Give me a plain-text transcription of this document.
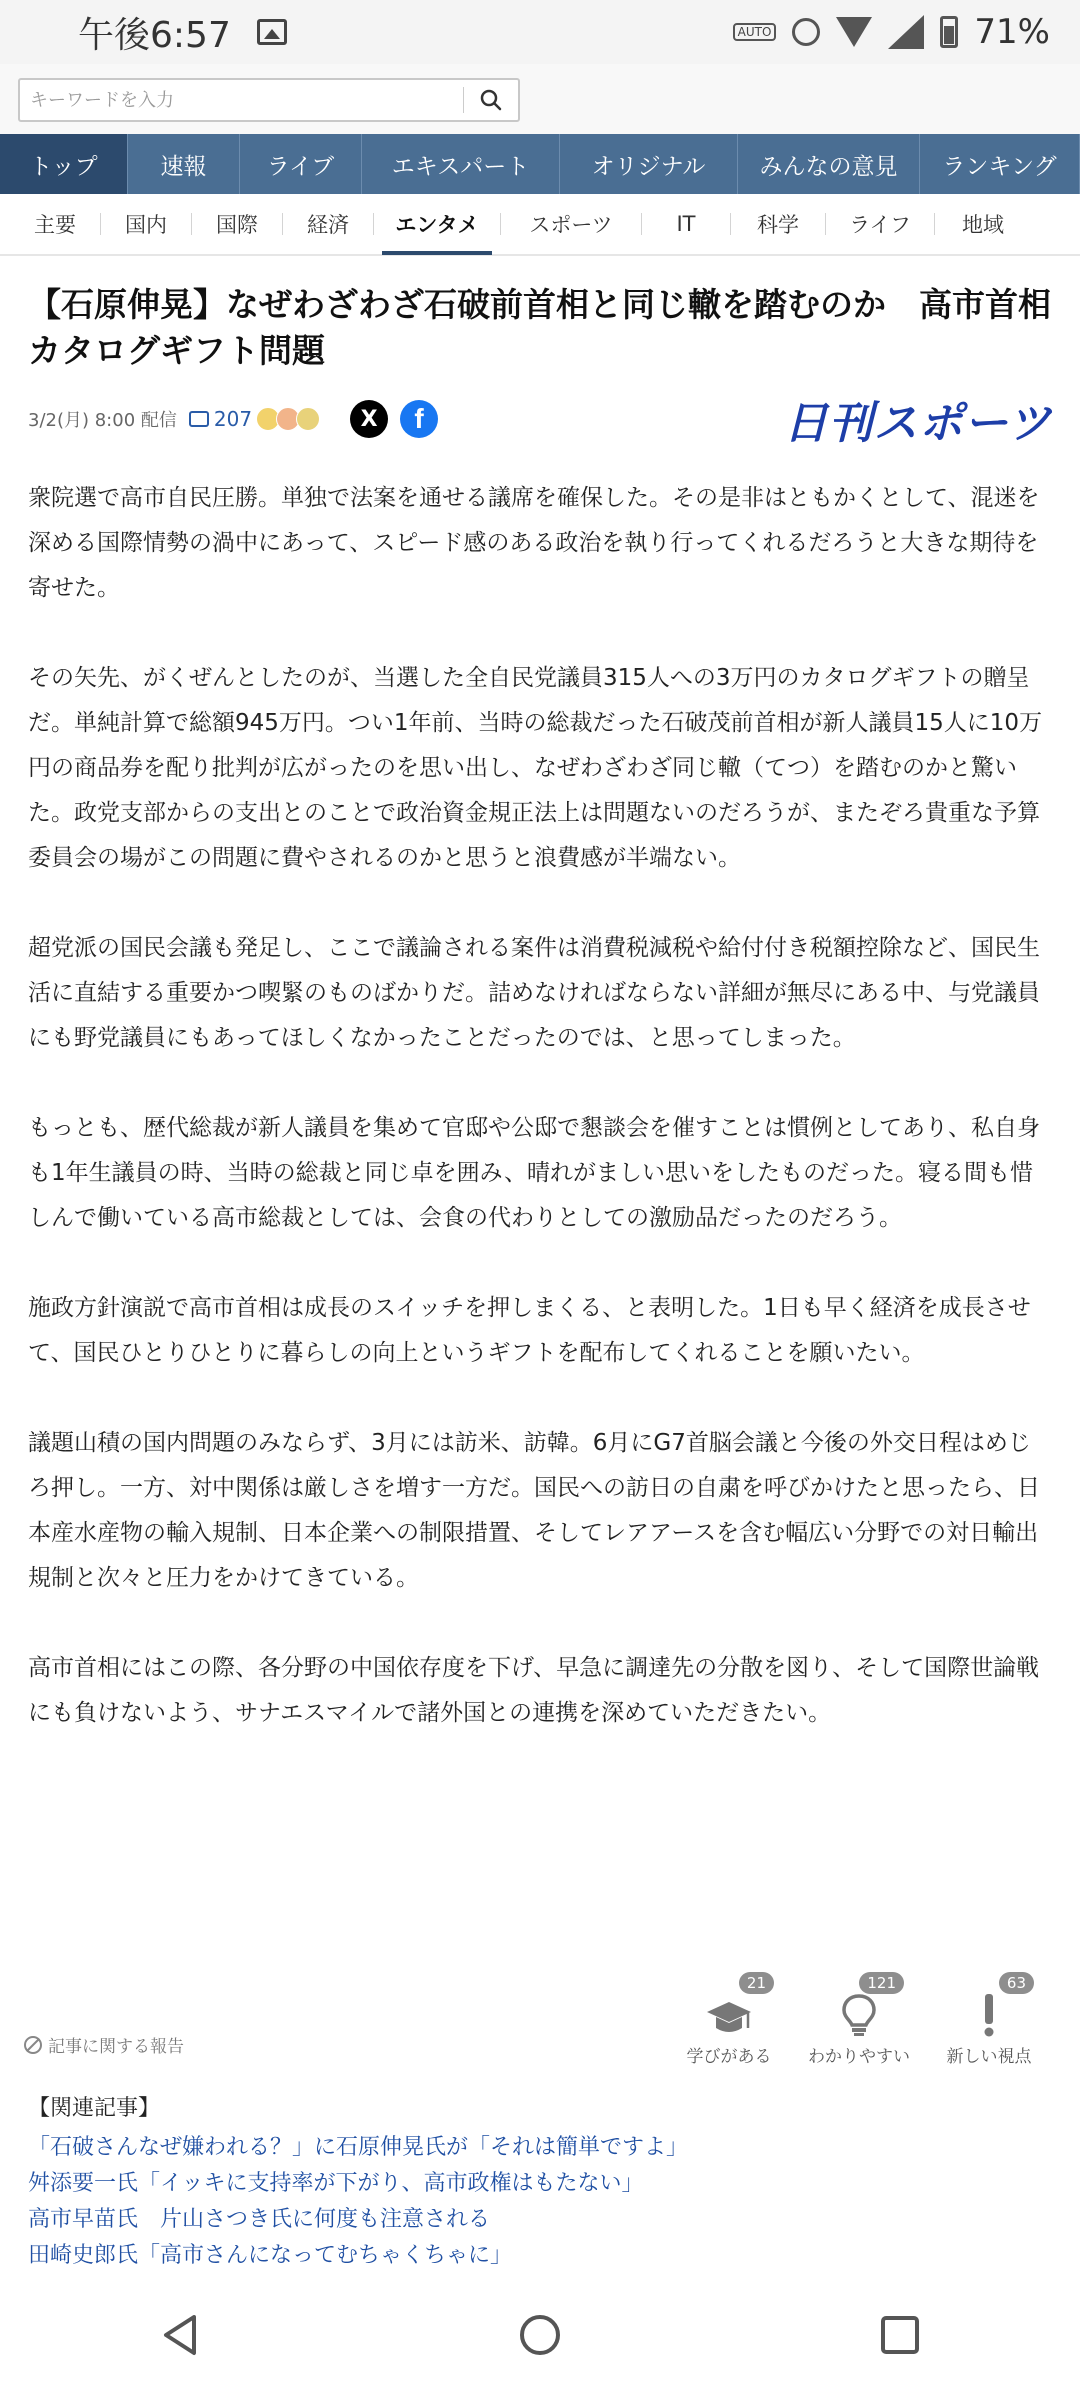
午後6:57	AUTO	71%
キーワードを入力
トップ	速報	ライブ	エキスパート	オリジナル	みんなの意見	ランキング
主要	国内	国際	経済	エンタメ	スポーツ	IT	科学	ライフ	地域
【石原伸晃】なぜわざわざ石破前首相と同じ轍を踏むのか　高市首相カタログギフト問題
3/2(月) 8:00 配信 207	X	f	日刊スポーツ

衆院選で高市自民圧勝。単独で法案を通せる議席を確保した。その是非はともかくとして、混迷を深める国際情勢の渦中にあって、スピード感のある政治を執り行ってくれるだろうと大きな期待を寄せた。

その矢先、がくぜんとしたのが、当選した全自民党議員315人への3万円のカタログギフトの贈呈だ。単純計算で総額945万円。つい1年前、当時の総裁だった石破茂前首相が新人議員15人に10万円の商品券を配り批判が広がったのを思い出し、なぜわざわざ同じ轍（てつ）を踏むのかと驚いた。政党支部からの支出とのことで政治資金規正法上は問題ないのだろうが、またぞろ貴重な予算委員会の場がこの問題に費やされるのかと思うと浪費感が半端ない。

超党派の国民会議も発足し、ここで議論される案件は消費税減税や給付付き税額控除など、国民生活に直結する重要かつ喫緊のものばかりだ。詰めなければならない詳細が無尽にある中、与党議員にも野党議員にもあってほしくなかったことだったのでは、と思ってしまった。

もっとも、歴代総裁が新人議員を集めて官邸や公邸で懇談会を催すことは慣例としてあり、私自身も1年生議員の時、当時の総裁と同じ卓を囲み、晴れがましい思いをしたものだった。寝る間も惜しんで働いている高市総裁としては、会食の代わりとしての激励品だったのだろう。

施政方針演説で高市首相は成長のスイッチを押しまくる、と表明した。1日も早く経済を成長させて、国民ひとりひとりに暮らしの向上というギフトを配布してくれることを願いたい。

議題山積の国内問題のみならず、3月には訪米、訪韓。6月にG7首脳会議と今後の外交日程はめじろ押し。一方、対中関係は厳しさを増す一方だ。国民への訪日の自粛を呼びかけたと思ったら、日本産水産物の輸入規制、日本企業への制限措置、そしてレアアースを含む幅広い分野での対日輸出規制と次々と圧力をかけてきている。

高市首相にはこの際、各分野の中国依存度を下げ、早急に調達先の分散を図り、そして国際世論戦にも負けないよう、サナエスマイルで諸外国との連携を深めていただきたい。

記事に関する報告
21
学びがある
121
わかりやすい
63
新しい視点
【関連記事】
「石破さんなぜ嫌われる？」に石原伸晃氏が「それは簡単ですよ」
舛添要一氏「イッキに支持率が下がり、高市政権はもたない」
高市早苗氏　片山さつき氏に何度も注意される
田崎史郎氏「高市さんになってむちゃくちゃに」
